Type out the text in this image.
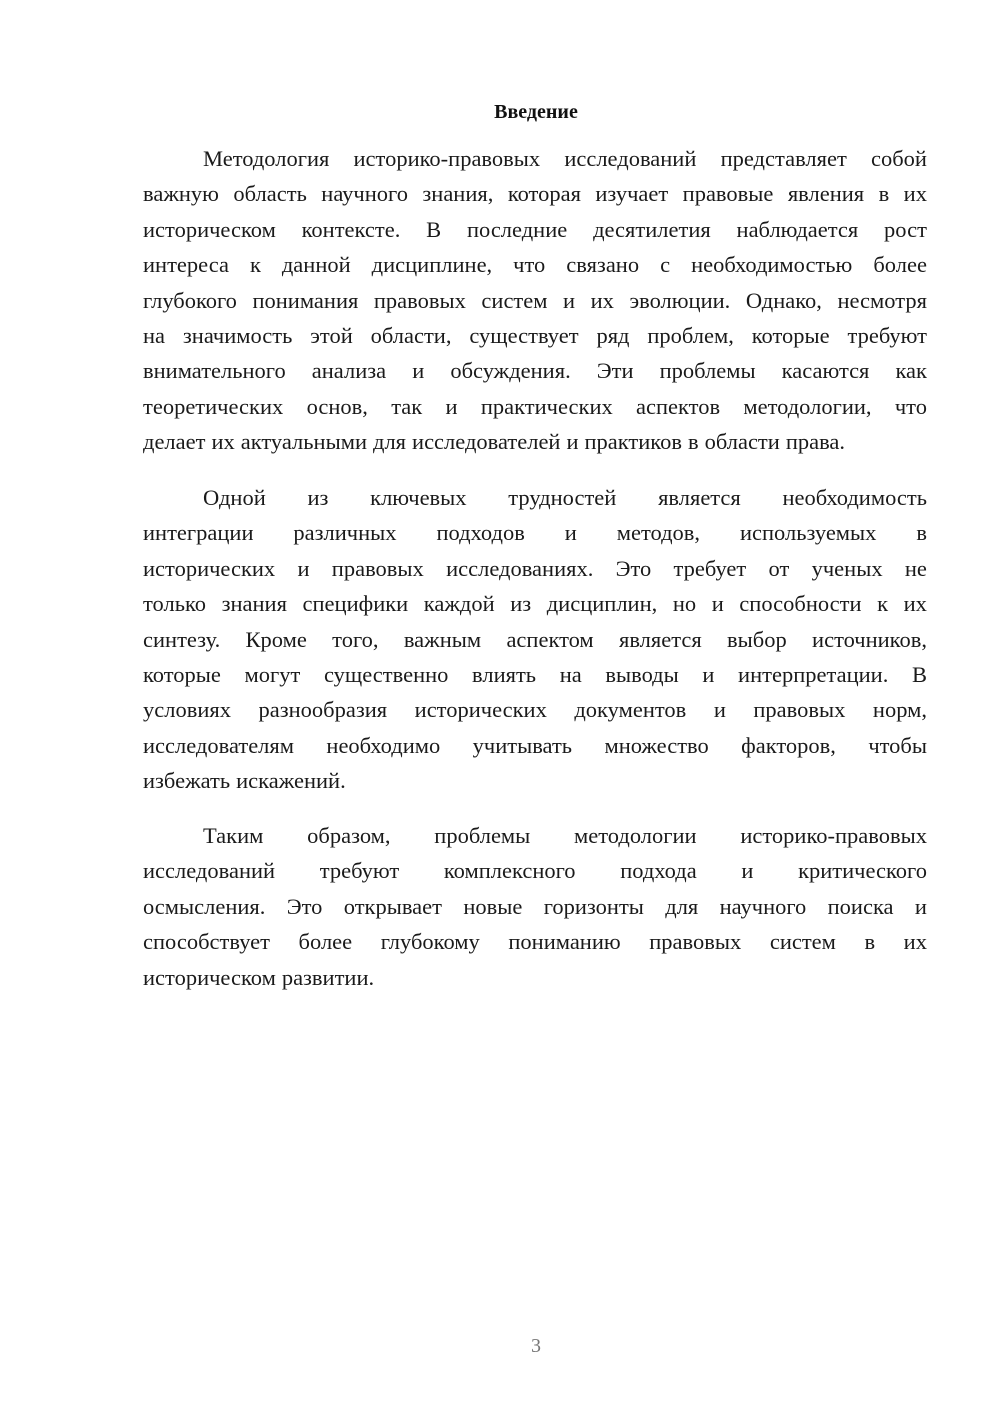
Введение
Методология историко-правовых исследований представляет собой
важную область научного знания, которая изучает правовые явления в их
историческом контексте. В последние десятилетия наблюдается рост
интереса к данной дисциплине, что связано с необходимостью более
глубокого понимания правовых систем и их эволюции. Однако, несмотря
на значимость этой области, существует ряд проблем, которые требуют
внимательного анализа и обсуждения. Эти проблемы касаются как
теоретических основ, так и практических аспектов методологии, что
делает их актуальными для исследователей и практиков в области права.
Одной из ключевых трудностей является необходимость
интеграции различных подходов и методов, используемых в
исторических и правовых исследованиях. Это требует от ученых не
только знания специфики каждой из дисциплин, но и способности к их
синтезу. Кроме того, важным аспектом является выбор источников,
которые могут существенно влиять на выводы и интерпретации. В
условиях разнообразия исторических документов и правовых норм,
исследователям необходимо учитывать множество факторов, чтобы
избежать искажений.
Таким образом, проблемы методологии историко-правовых
исследований требуют комплексного подхода и критического
осмысления. Это открывает новые горизонты для научного поиска и
способствует более глубокому пониманию правовых систем в их
историческом развитии.
3
